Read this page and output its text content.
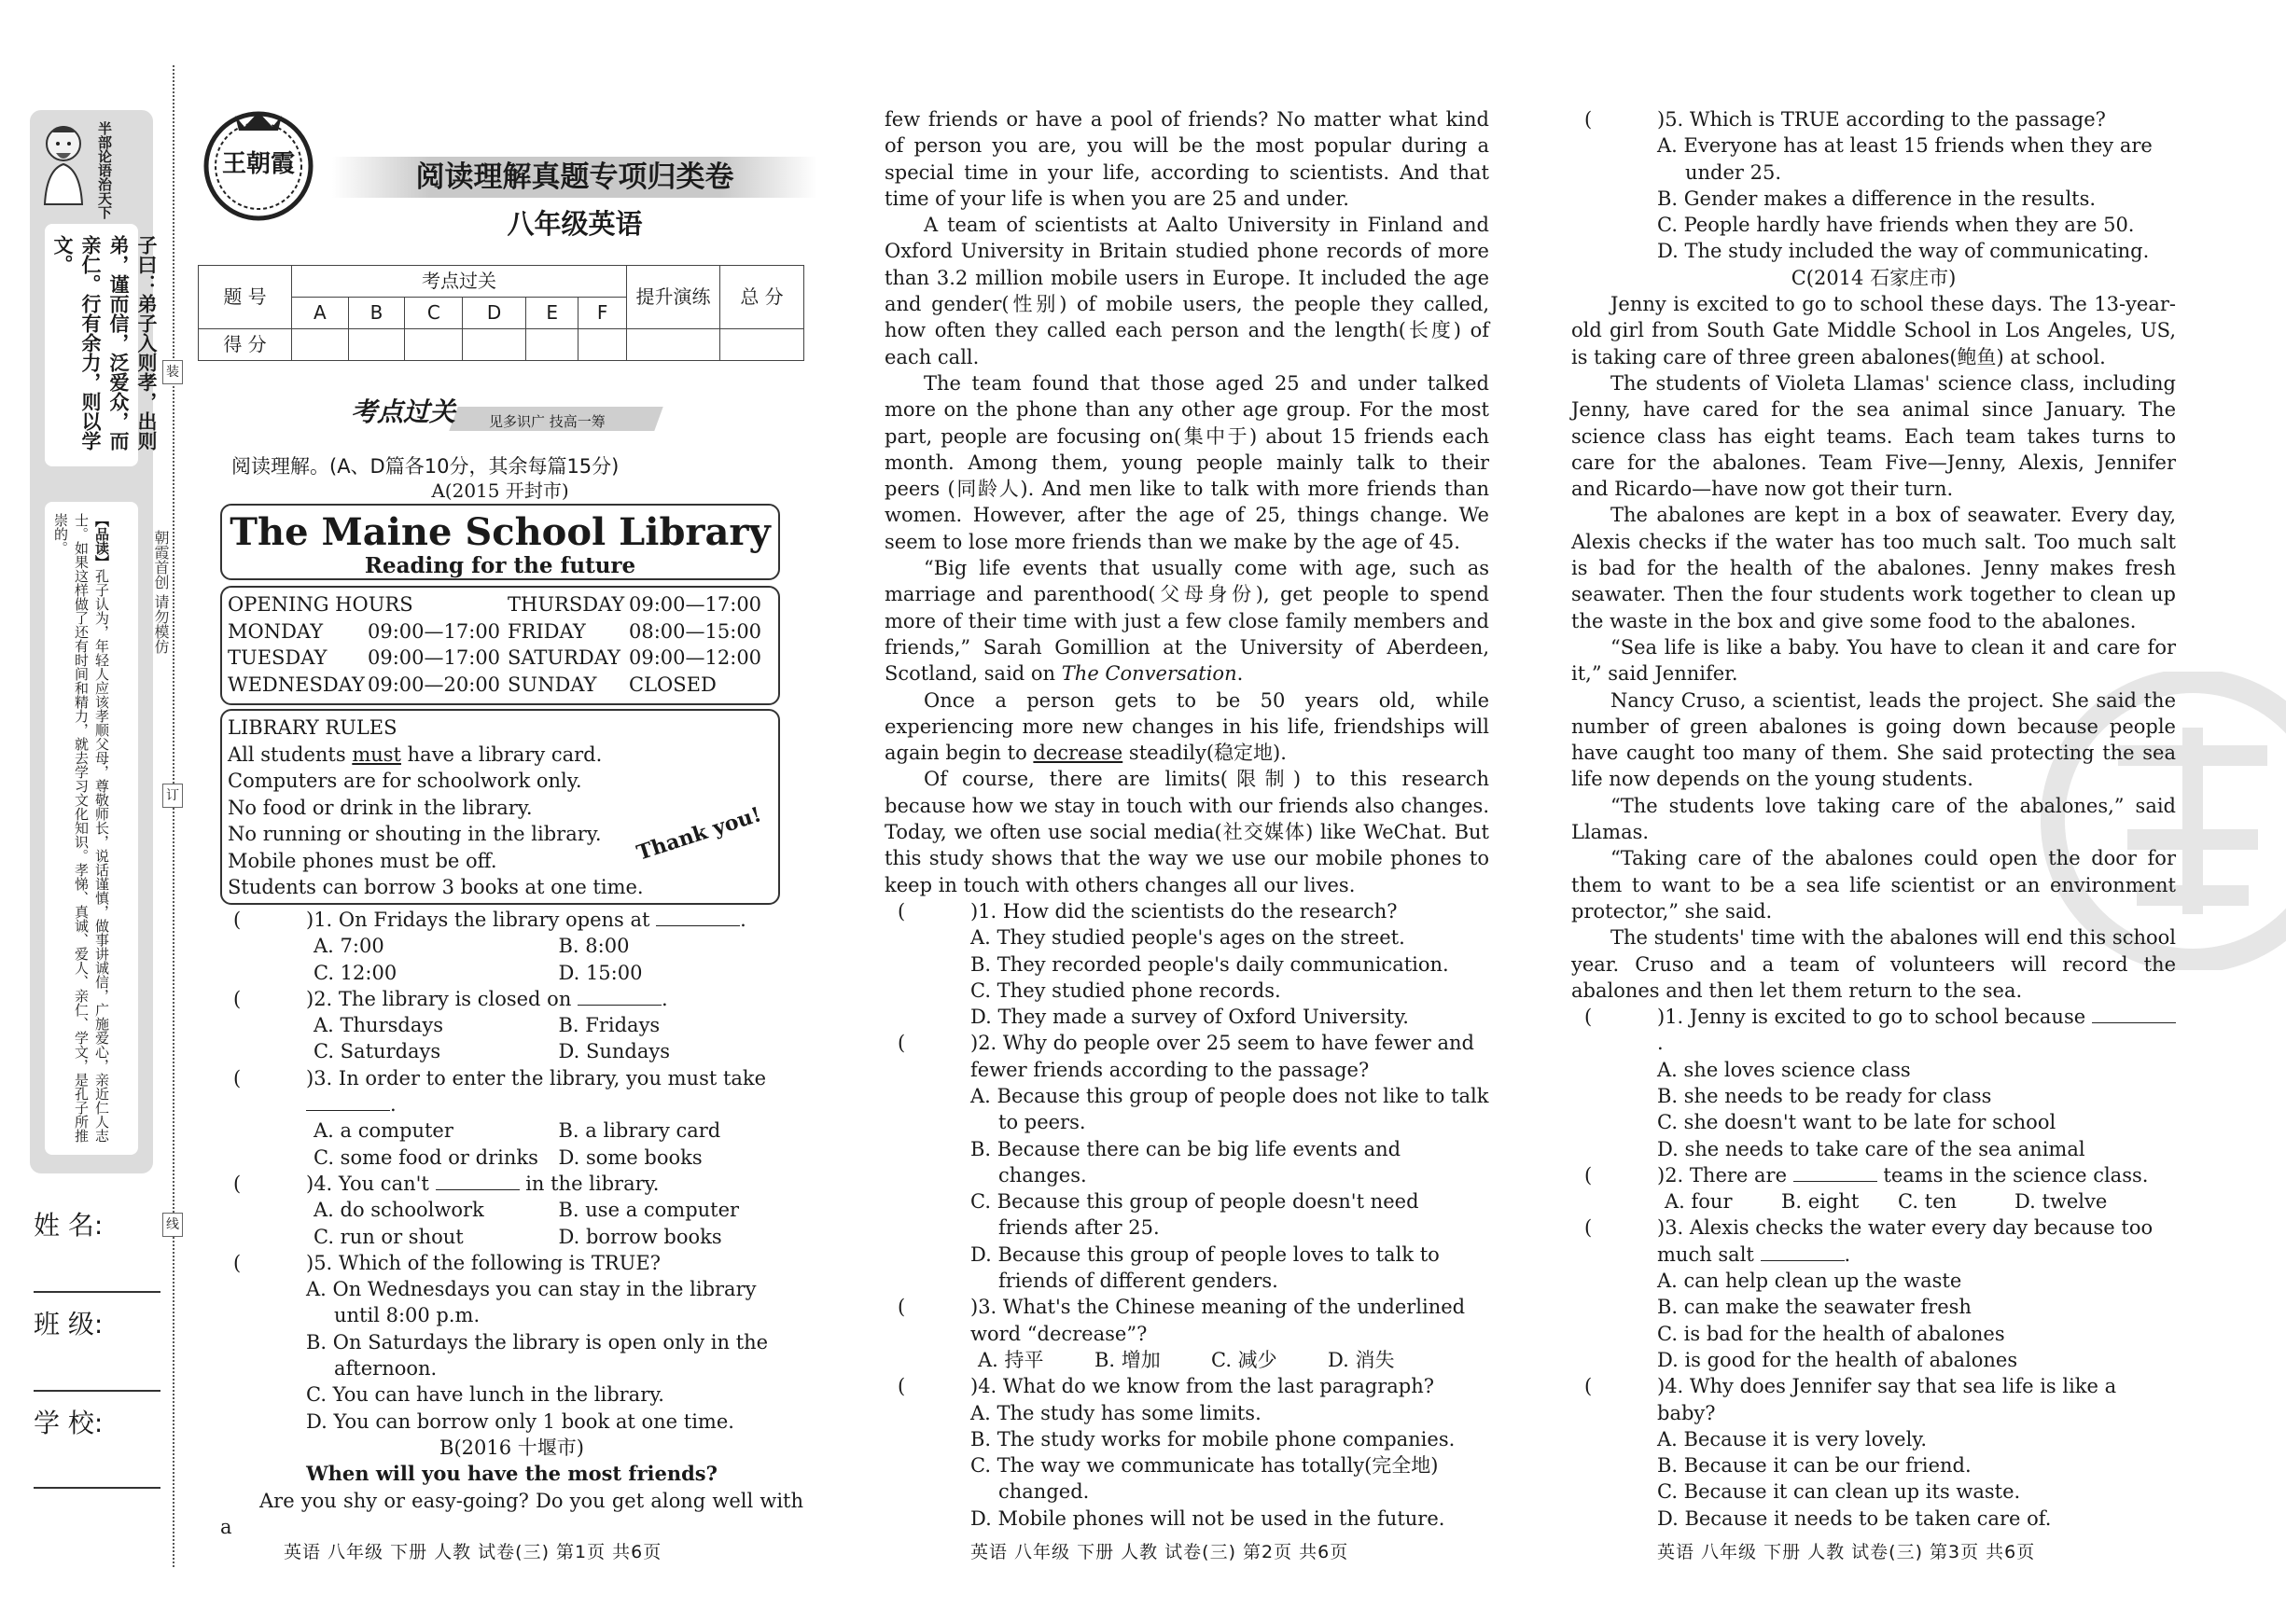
半部论语治天下
子曰：弟子入则孝，出则弟，谨而信，泛爱众，而亲仁。行有余力，则以学文。
【品读】孔子认为，年轻人应该孝顺父母，尊敬师长，说话谨慎，做事讲诚信，广施爱心，亲近仁人志士。如果这样做了还有时间和精力，就去学习文化知识。孝悌、真诚、爱人、亲仁、学文，是孔子所推崇的。
装
订
线
朝霞首创 请勿模仿
姓 名:
班 级:
学 校:
王朝霞	阅读理解真题专项归类卷
八年级英语
题 号	考点过关						提升演练	总 分
	A	B	C	D	E	F		
得 分								
考点过关 见多识广 技高一筹
阅读理解。(A、D篇各10分，其余每篇15分)
A(2015 开封市)
The Maine School Library
Reading for the future
OPENING HOURS	THURSDAY 09:00—17:00
MONDAY	09:00—17:00 FRIDAY	08:00—15:00
TUESDAY	09:00—17:00 SATURDAY 09:00—12:00
WEDNESDAY 09:00—20:00 SUNDAY	CLOSED
LIBRARY RULES
All students must have a library card.
Computers are for schoolwork only.
No food or drink in the library.
No running or shouting in the library.
Mobile phones must be off.
Students can borrow 3 books at one time.
Thank you!
(	)1. On Fridays the library opens at	.
A. 7:00	B. 8:00
C. 12:00	D. 15:00
(	)2. The library is closed on	.
A. Thursdays	B. Fridays
C. Saturdays	D. Sundays
(	)3. In order to enter the library, you must take
.
A. a computer	B. a library card
C. some food or drinks	D. some books
(	)4. You can't	in the library.
A. do schoolwork	B. use a computer
C. run or shout	D. borrow books
(	)5. Which of the following is TRUE?
A. On Wednesdays you can stay in the library until 8:00 p.m.
B. On Saturdays the library is open only in the afternoon.
C. You can have lunch in the library.
D. You can borrow only 1 book at one time.
B(2016 十堰市)
When will you have the most friends?

Are you shy or easy-going? Do you get along well with a

few friends or have a pool of friends? No matter what kind of person you are, you will be the most popular during a special time in your life, according to scientists. And that time of your life is when you are 25 and under.

A team of scientists at Aalto University in Finland and Oxford University in Britain studied phone records of more than 3.2 million mobile users in Europe. It included the age and gender(性别) of mobile users, the people they called, how often they called each person and the length(长度) of each call.

The team found that those aged 25 and under talked more on the phone than any other age group. For the most part, people are focusing on(集中于) about 15 friends each month. Among them, young people mainly talk to their peers (同龄人). And men like to talk with more friends than women. However, after the age of 25, things change. We seem to lose more friends than we make by the age of 45.

“Big life events that usually come with age, such as marriage and parenthood(父母身份), get people to spend more of their time with just a few close family members and friends,” Sarah Gomillion at the University of Aberdeen, Scotland, said on The Conversation.

Once a person gets to be 50 years old, while experiencing more new changes in his life, friendships will again begin to decrease steadily(稳定地).

Of course, there are limits(限制) to this research because how we stay in touch with our friends also changes. Today, we often use social media(社交媒体) like WeChat. But this study shows that the way we use our mobile phones to keep in touch with others changes all our lives.

(	)1. How did the scientists do the research?
A. They studied people's ages on the street.
B. They recorded people's daily communication.
C. They studied phone records.
D. They made a survey of Oxford University.
(	)2. Why do people over 25 seem to have fewer and fewer friends according to the passage?
A. Because this group of people does not like to talk to peers.
B. Because there can be big life events and changes.
C. Because this group of people doesn't need friends after 25.
D. Because this group of people loves to talk to friends of different genders.
(	)3. What's the Chinese meaning of the underlined word “decrease”?
A. 持平	B. 增加	C. 减少	D. 消失
(	)4. What do we know from the last paragraph?
A. The study has some limits.
B. The study works for mobile phone companies.
C. The way we communicate has totally(完全地) changed.
D. Mobile phones will not be used in the future.
(	)5. Which is TRUE according to the passage?
A. Everyone has at least 15 friends when they are under 25.
B. Gender makes a difference in the results.
C. People hardly have friends when they are 50.
D. The study included the way of communicating.
C(2014 石家庄市)

Jenny is excited to go to school these days. The 13-year-old girl from South Gate Middle School in Los Angeles, US, is taking care of three green abalones(鲍鱼) at school.

The students of Violeta Llamas' science class, including Jenny, have cared for the sea animal since January. The science class has eight teams. Each team takes turns to care for the abalones. Team Five—Jenny, Alexis, Jennifer and Ricardo—have now got their turn.

The abalones are kept in a box of seawater. Every day, Alexis checks if the water has too much salt. Too much salt is bad for the health of the abalones. Jenny makes fresh seawater. Then the four students work together to clean up the waste in the box and give some food to the abalones.

“Sea life is like a baby. You have to clean it and care for it,” said Jennifer.

Nancy Cruso, a scientist, leads the project. She said the number of green abalones is going down because people have caught too many of them. She said protecting the sea life now depends on the young students.

“The students love taking care of the abalones,” said Llamas.

“Taking care of the abalones could open the door for them to want to be a sea life scientist or an environment protector,” she said.

The students' time with the abalones will end this school year. Cruso and a team of volunteers will record the abalones and then let them return to the sea.

(	)1. Jenny is excited to go to school because .
A. she loves science class
B. she needs to be ready for class
C. she doesn't want to be late for school
D. she needs to take care of the sea animal
(	)2. There are	teams in the science class.
A. four	B. eight	C. ten	D. twelve
(	)3. Alexis checks the water every day because too much salt	.
A. can help clean up the waste
B. can make the seawater fresh
C. is bad for the health of abalones
D. is good for the health of abalones
(	)4. Why does Jennifer say that sea life is like a baby?
A. Because it is very lovely.
B. Because it can be our friend.
C. Because it can clean up its waste.
D. Because it needs to be taken care of.
英语 八年级 下册 人教 试卷(三) 第1页 共6页	英语 八年级 下册 人教 试卷(三) 第2页 共6页	英语 八年级 下册 人教 试卷(三) 第3页 共6页
